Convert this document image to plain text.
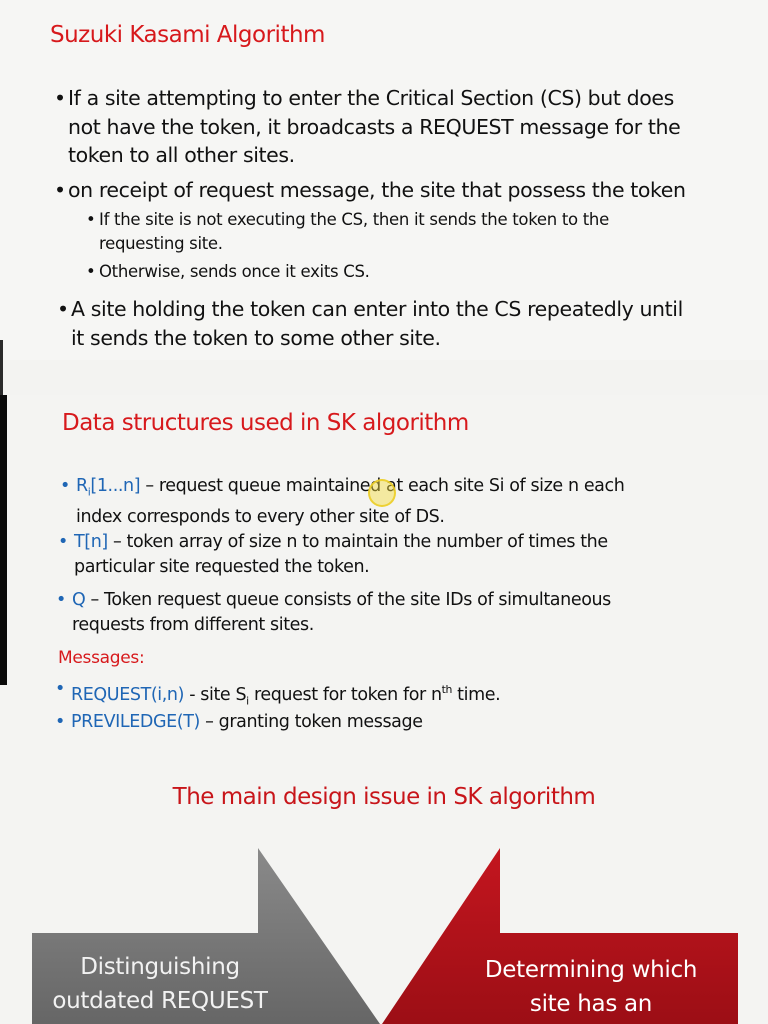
Suzuki Kasami Algorithm
• If a site attempting to enter the Critical Section (CS) but does
not have the token, it broadcasts a REQUEST message for the
token to all other sites.
• on receipt of request message, the site that possess the token
• If the site is not executing the CS, then it sends the token to the
requesting site.
• Otherwise, sends once it exits CS.
• A site holding the token can enter into the CS repeatedly until
it sends the token to some other site.
Data structures used in SK algorithm
• $R_i[1...n]$ – request queue maintained at each site Si of size n each
index corresponds to every other site of DS.
• T[n] – token array of size n to maintain the number of times the
particular site requested the token.
• Q – Token request queue consists of the site IDs of simultaneous
requests from different sites.
Messages:
• REQUEST(i,n) - site $S_i$ request for token for $n^{th}$ time.
• PREVILEDGE(T) – granting token message
The main design issue in SK algorithm
Distinguishing
outdated REQUEST
Determining which
site has an
